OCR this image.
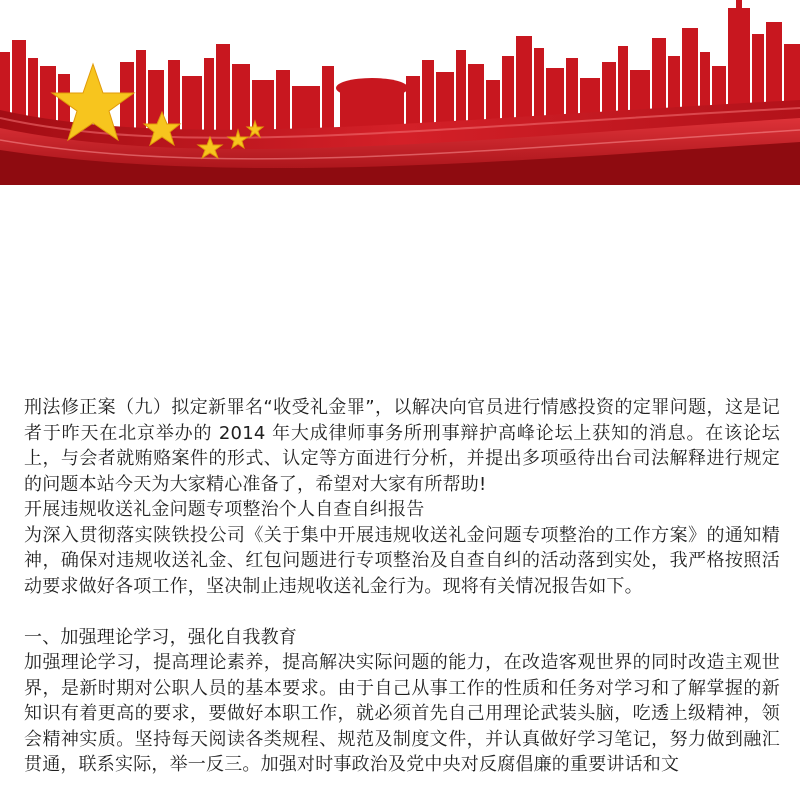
刑法修正案（九）拟定新罪名“收受礼金罪”，以解决向官员进行情感投资的定罪问题，这是记者于昨天在北京举办的 2014 年大成律师事务所刑事辩护高峰论坛上获知的消息。在该论坛上，与会者就贿赂案件的形式、认定等方面进行分析，并提出多项亟待出台司法解释进行规定的问题本站今天为大家精心准备了，希望对大家有所帮助!

开展违规收送礼金问题专项整治个人自查自纠报告

为深入贯彻落实陕铁投公司《关于集中开展违规收送礼金问题专项整治的工作方案》的通知精神，确保对违规收送礼金、红包问题进行专项整治及自查自纠的活动落到实处，我严格按照活动要求做好各项工作，坚决制止违规收送礼金行为。现将有关情况报告如下。

一、加强理论学习，强化自我教育

加强理论学习，提高理论素养，提高解决实际问题的能力，在改造客观世界的同时改造主观世界，是新时期对公职人员的基本要求。由于自己从事工作的性质和任务对学习和了解掌握的新知识有着更高的要求，要做好本职工作，就必须首先自己用理论武装头脑，吃透上级精神，领会精神实质。坚持每天阅读各类规程、规范及制度文件，并认真做好学习笔记，努力做到融汇贯通，联系实际，举一反三。加强对时事政治及党中央对反腐倡廉的重要讲话和文
